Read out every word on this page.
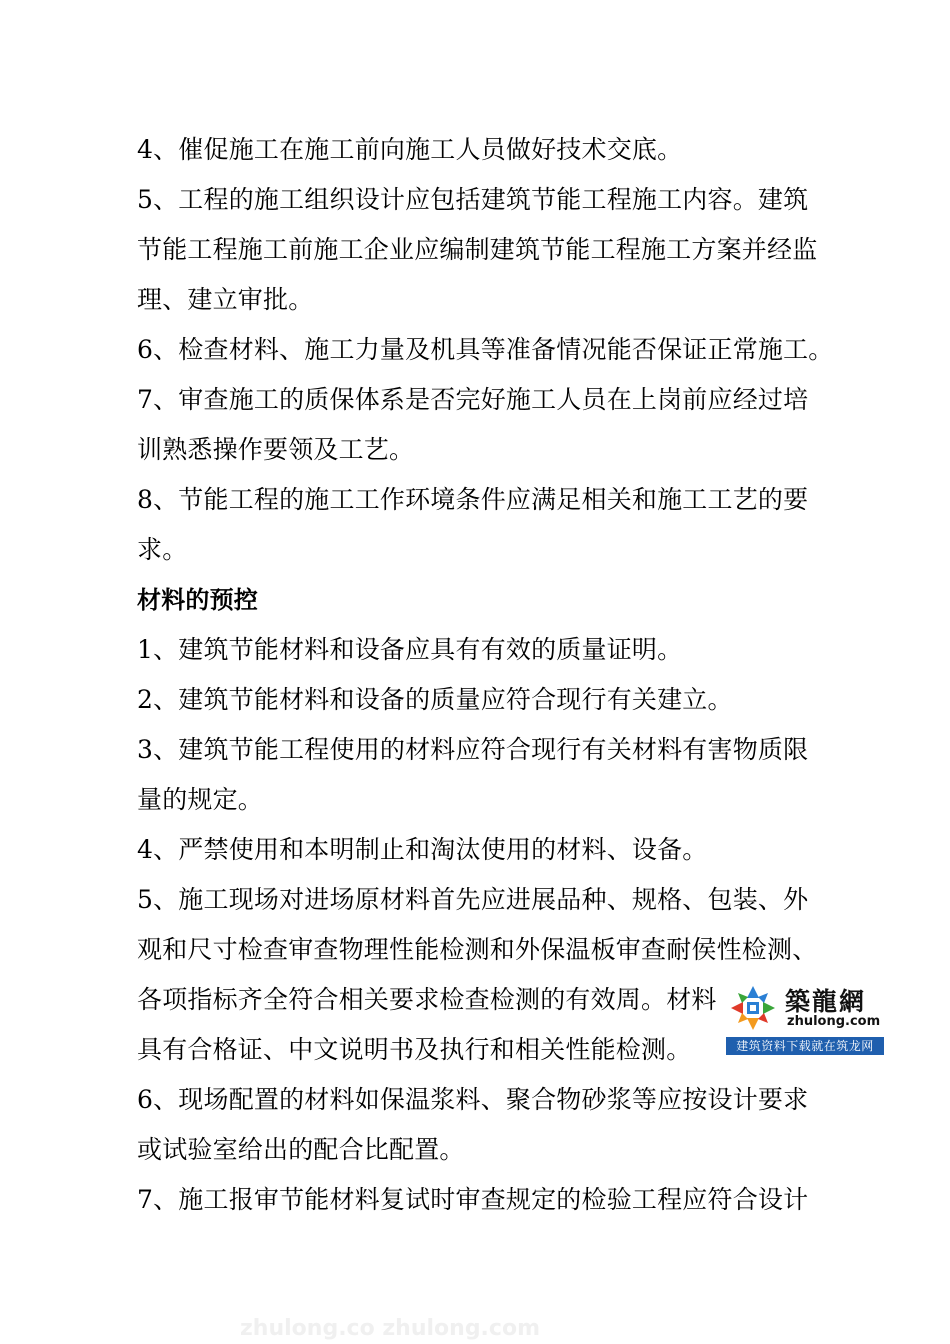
4、催促施工在施工前向施工人员做好技术交底。
5、工程的施工组织设计应包括建筑节能工程施工内容。建筑
节能工程施工前施工企业应编制建筑节能工程施工方案并经监
理、建立审批。
6、检查材料、施工力量及机具等准备情况能否保证正常施工。
7、审查施工的质保体系是否完好施工人员在上岗前应经过培
训熟悉操作要领及工艺。
8、节能工程的施工工作环境条件应满足相关和施工工艺的要
求。
材料的预控
1、建筑节能材料和设备应具有有效的质量证明。
2、建筑节能材料和设备的质量应符合现行有关建立。
3、建筑节能工程使用的材料应符合现行有关材料有害物质限
量的规定。
4、严禁使用和本明制止和淘汰使用的材料、设备。
5、施工现场对进场原材料首先应进展品种、规格、包装、外
观和尺寸检查审查物理性能检测和外保温板审查耐侯性检测、
各项指标齐全符合相关要求检查检测的有效周。材料
具有合格证、中文说明书及执行和相关性能检测。
6、现场配置的材料如保温浆料、聚合物砂浆等应按设计要求
或试验室给出的配合比配置。
7、施工报审节能材料复试时审查规定的检验工程应符合设计
築龍網
zhulong.com
建筑资料下载就在筑龙网
zhulong.co zhulong.com
